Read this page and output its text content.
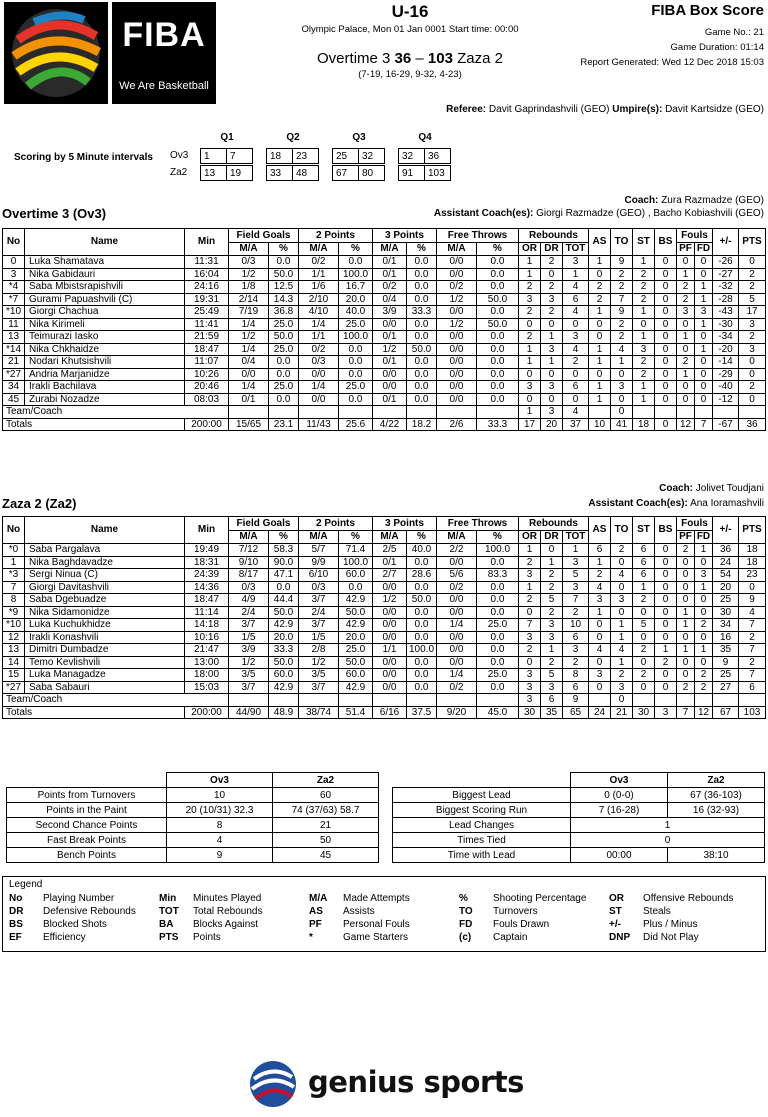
FIBA
We Are Basketball
U-16
Olympic Palace, Mon 01 Jan 0001 Start time: 00:00
Overtime 3 36 – 103 Zaza 2
(7-19, 16-29, 9-32, 4-23)
FIBA Box Score
Game No.: 21
Game Duration: 01:14
Report Generated: Wed 12 Dec 2018 15:03
Referee: Davit Gaprindashvili (GEO) Umpire(s): Davit Kartsidze (GEO)
Scoring by 5 Minute intervals
Q1	Q2	Q3	Q4
Ov3	1	7	18	23	25	32	32	36
Za2	13	19	33	48	67	80	91	103
Coach: Zura Razmadze (GEO)
Assistant Coach(es): Giorgi Razmadze (GEO) , Bacho Kobiashvili (GEO)
Overtime 3 (Ov3)
No	Name	Min	Field Goals		2 Points		3 Points		Free Throws		Rebounds			AS	TO	ST	BS	Fouls		+/-	PTS	
			M/A	%	M/A	%	M/A	%	M/A	%	OR	DR	TOT					PF	FD			
0	Luka Shamatava	11:31	0/3	0.0	0/2	0.0	0/1	0.0	0/0	0.0	1	2	3	1	9	1	0	0	0	-26	0	
3	Nika Gabidauri	16:04	1/2	50.0	1/1	100.0	0/1	0.0	0/0	0.0	1	0	1	0	2	2	0	1	0	-27	2	
*4	Saba Mbistsrapishvili	24:16	1/8	12.5	1/6	16.7	0/2	0.0	0/2	0.0	2	2	4	2	2	2	0	2	1	-32	2	
*7	Gurami Papuashvili (C)	19:31	2/14	14.3	2/10	20.0	0/4	0.0	1/2	50.0	3	3	6	2	7	2	0	2	1	-28	5	
*10	Giorgi Chachua	25:49	7/19	36.8	4/10	40.0	3/9	33.3	0/0	0.0	2	2	4	1	9	1	0	3	3	-43	17	
11	Nika Kirimeli	11:41	1/4	25.0	1/4	25.0	0/0	0.0	1/2	50.0	0	0	0	0	2	0	0	0	1	-30	3	
13	Teimurazi Iasko	21:59	1/2	50.0	1/1	100.0	0/1	0.0	0/0	0.0	2	1	3	0	2	1	0	1	0	-34	2	
*14	Nika Chkhaidze	18:47	1/4	25.0	0/2	0.0	1/2	50.0	0/0	0.0	1	3	4	1	4	3	0	0	1	-20	3	
21	Nodari Khutsishvili	11:07	0/4	0.0	0/3	0.0	0/1	0.0	0/0	0.0	1	1	2	1	1	2	0	2	0	-14	0	
*27	Andria Marjanidze	10:26	0/0	0.0	0/0	0.0	0/0	0.0	0/0	0.0	0	0	0	0	0	2	0	1	0	-29	0	
34	Irakli Bachilava	20:46	1/4	25.0	1/4	25.0	0/0	0.0	0/0	0.0	3	3	6	1	3	1	0	0	0	-40	2	
45	Zurabi Nozadze	08:03	0/1	0.0	0/0	0.0	0/1	0.0	0/0	0.0	0	0	0	1	0	1	0	0	0	-12	0	
Team/Coach											1	3	4		0							
Totals		200:00	15/65	23.1	11/43	25.6	4/22	18.2	2/6	33.3	17	20	37	10	41	18	0	12	7	-67	36	
Coach: Jolivet Toudjani
Assistant Coach(es): Ana Ioramashvili
Zaza 2 (Za2)
No	Name	Min	Field Goals		2 Points		3 Points		Free Throws		Rebounds			AS	TO	ST	BS	Fouls		+/-	PTS	
			M/A	%	M/A	%	M/A	%	M/A	%	OR	DR	TOT					PF	FD			
*0	Saba Pargalava	19:49	7/12	58.3	5/7	71.4	2/5	40.0	2/2	100.0	1	0	1	6	2	6	0	2	1	36	18	
1	Nika Baghdavadze	18:31	9/10	90.0	9/9	100.0	0/1	0.0	0/0	0.0	2	1	3	1	0	6	0	0	0	24	18	
*3	Sergi Ninua (C)	24:39	8/17	47.1	6/10	60.0	2/7	28.6	5/6	83.3	3	2	5	2	4	6	0	0	3	54	23	
7	Giorgi Davitashvili	14:36	0/3	0.0	0/3	0.0	0/0	0.0	0/2	0.0	1	2	3	4	0	1	0	0	1	20	0	
8	Saba Dgebuadze	18:47	4/9	44.4	3/7	42.9	1/2	50.0	0/0	0.0	2	5	7	3	3	2	0	0	0	25	9	
*9	Nika Sidamonidze	11:14	2/4	50.0	2/4	50.0	0/0	0.0	0/0	0.0	0	2	2	1	0	0	0	1	0	30	4	
*10	Luka Kuchukhidze	14:18	3/7	42.9	3/7	42.9	0/0	0.0	1/4	25.0	7	3	10	0	1	5	0	1	2	34	7	
12	Irakli Konashvili	10:16	1/5	20.0	1/5	20.0	0/0	0.0	0/0	0.0	3	3	6	0	1	0	0	0	0	16	2	
13	Dimitri Dumbadze	21:47	3/9	33.3	2/8	25.0	1/1	100.0	0/0	0.0	2	1	3	4	4	2	1	1	1	35	7	
14	Temo Kevlishvili	13:00	1/2	50.0	1/2	50.0	0/0	0.0	0/0	0.0	0	2	2	0	1	0	2	0	0	9	2	
15	Luka Managadze	18:00	3/5	60.0	3/5	60.0	0/0	0.0	1/4	25.0	3	5	8	3	2	2	0	0	2	25	7	
*27	Saba Sabauri	15:03	3/7	42.9	3/7	42.9	0/0	0.0	0/2	0.0	3	3	6	0	3	0	0	2	2	27	6	
Team/Coach											3	6	9		0							
Totals		200:00	44/90	48.9	38/74	51.4	6/16	37.5	9/20	45.0	30	35	65	24	21	30	3	7	12	67	103	
	Ov3	Za2
Points from Turnovers	10	60
Points in the Paint	20 (10/31) 32.3	74 (37/63) 58.7
Second Chance Points	8	21
Fast Break Points	4	50
Bench Points	9	45
	Ov3	Za2
Biggest Lead	0 (0-0)	67 (36-103)
Biggest Scoring Run	7 (16-28)	16 (32-93)
Lead Changes	1	
Times Tied	0	
Time with Lead	00:00	38:10
Legend
No Playing Number	Min Minutes Played	M/A Made Attempts	%	Shooting Percentage OR Offensive Rebounds
DR Defensive Rebounds TOT Total Rebounds	AS Assists	TO Turnovers	ST Steals
BS Blocked Shots	BA Blocks Against	PF Personal Fouls	FD Fouls Drawn	+/- Plus / Minus
EF Efficiency	PTS Points	*	Game Starters	(c) Captain	DNP Did Not Play
genius sports
